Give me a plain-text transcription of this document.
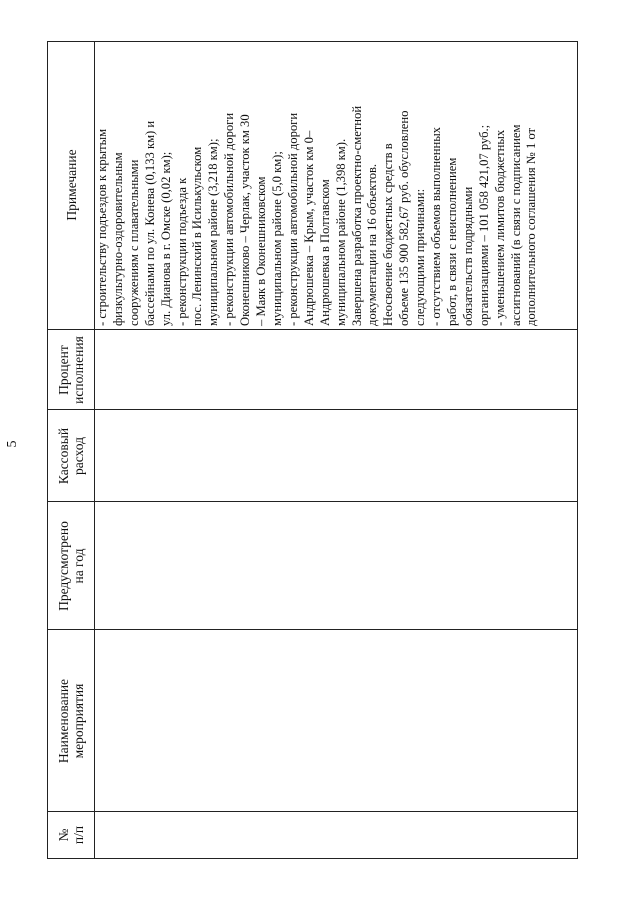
5
№ п/п
Наименование мероприятия
Предусмотрено на год
Кассовый расход
Процент исполнения
Примечание - строительству подъездов к крытым физкультурно-оздоровительным сооружениям с плавательными бассейнами по ул. Конева (0,133 км) и ул. Дианова в г. Омске (0,02 км); - реконструкции подъезда к пос. Ленинский в Исилькульском муниципальном районе (3,218 км); - реконструкции автомобильной дороги Оконешниково – Черлак, участок км 30 – Маяк в Оконешниковском муниципальном районе (5,0 км); - реконструкции автомобильной дороги Андрюшевка – Крым, участок км 0– Андрюшевка в Полтавском муниципальном районе (1,398 км). Завершена разработка проектно-сметной документации на 16 объектов. Неосвоение бюджетных средств в объеме 135 900 582,67 руб. обусловлено следующими причинами: - отсутствием объемов выполненных работ, в связи с неисполнением обязательств подрядными организациями – 101 058 421,07 руб.; - уменьшением лимитов бюджетных ассигнований (в связи с подписанием дополнительного соглашения № 1 от
